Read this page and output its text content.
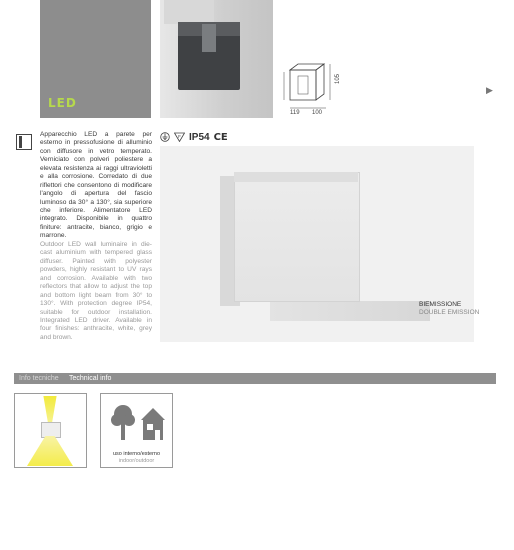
LED
105
119 100
▶
Apparecchio LED a parete per esterno in pressofusione di alluminio con diffusore in vetro temperato. Verniciato con polveri poliestere a elevata resistenza ai raggi ultravioletti e alla corrosione. Corredato di due riflettori che consentono di modificare l'angolo di apertura del fascio luminoso da 30° a 130°, sia superiore che inferiore. Alimentatore LED integrato. Disponibile in quattro finiture: antracite, bianco, grigio e marrone.
Outdoor LED wall luminaire in die-cast aluminium with tempered glass diffuser. Painted with polyester powders, highly resistant to UV rays and corrosion. Available with two reflectors that allow to adjust the top and bottom light beam from 30° to 130°. With protection degree IP54, suitable for outdoor installation. Integrated LED driver. Available in four finishes: anthracite, white, grey and brown.
F IP54 CE
BIEMISSIONE
DOUBLE EMISSION
Info tecniche Technical info
uso interno/esterno
indoor/outdoor
